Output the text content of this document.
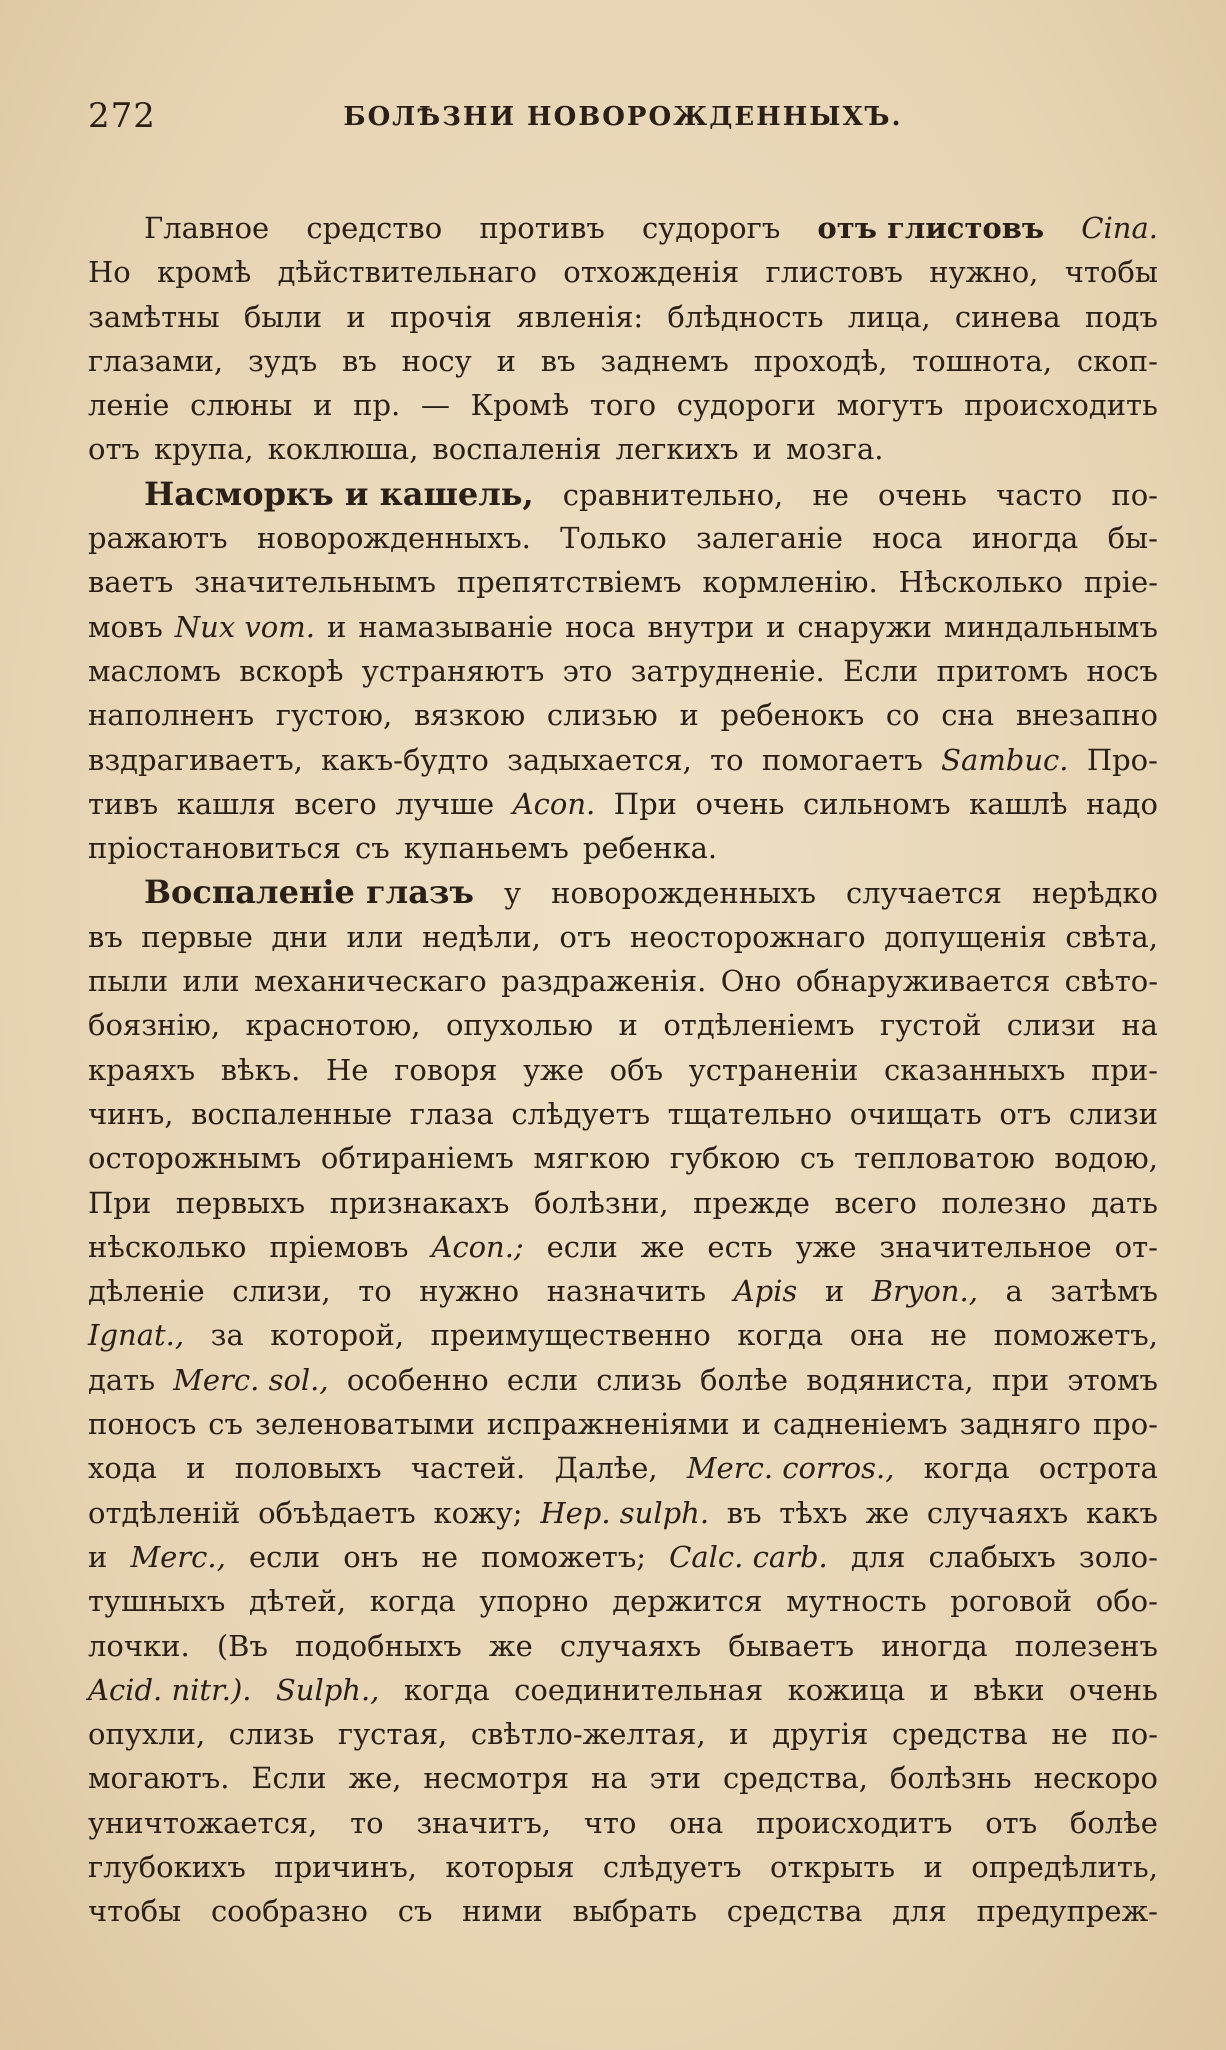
272	БОЛѢЗНИ НОВОРОЖДЕННЫХЪ.
Главное средство противъ судорогъ отъ глистовъ Cina.
Но кромѣ дѣйствительнаго отхожденія глистовъ нужно, чтобы
замѣтны были и прочія явленія: блѣдность лица, синева подъ
глазами, зудъ въ носу и въ заднемъ проходѣ, тошнота, скоп-
леніе слюны и пр. — Кромѣ того судороги могутъ происходить
отъ крупа, коклюша, воспаленія легкихъ и мозга.
Насморкъ и кашель, сравнительно, не очень часто по-
ражаютъ новорожденныхъ. Только залеганіе носа иногда бы-
ваетъ значительнымъ препятствіемъ кормленію. Нѣсколько пріе-
мовъ Nux vom. и намазываніе носа внутри и снаружи миндальнымъ
масломъ вскорѣ устраняютъ это затрудненіе. Если притомъ носъ
наполненъ густою, вязкою слизью и ребенокъ со сна внезапно
вздрагиваетъ, какъ-будто задыхается, то помогаетъ Sambuc. Про-
тивъ кашля всего лучше Acon. При очень сильномъ кашлѣ надо
пріостановиться съ купаньемъ ребенка.
Воспаленіе глазъ у новорожденныхъ случается нерѣдко
въ первые дни или недѣли, отъ неосторожнаго допущенія свѣта,
пыли или механическаго раздраженія. Оно обнаруживается свѣто-
боязнію, краснотою, опухолью и отдѣленіемъ густой слизи на
краяхъ вѣкъ. Не говоря уже объ устраненіи сказанныхъ при-
чинъ, воспаленные глаза слѣдуетъ тщательно очищать отъ слизи
осторожнымъ обтираніемъ мягкою губкою съ тепловатою водою,
При первыхъ признакахъ болѣзни, прежде всего полезно дать
нѣсколько пріемовъ Acon.; если же есть уже значительное от-
дѣленіе слизи, то нужно назначить Apis и Bryon., а затѣмъ
Ignat., за которой, преимущественно когда она не поможетъ,
дать Merc. sol., особенно если слизь болѣе водяниста, при этомъ
поносъ съ зеленоватыми испражненіями и садненіемъ задняго про-
хода и половыхъ частей. Далѣе, Merc. corros., когда острота
отдѣленій объѣдаетъ кожу; Hep. sulph. въ тѣхъ же случаяхъ какъ
и Merc., если онъ не поможетъ; Calc. carb. для слабыхъ золо-
тушныхъ дѣтей, когда упорно держится мутность роговой обо-
лочки. (Въ подобныхъ же случаяхъ бываетъ иногда полезенъ
Acid. nitr.). Sulph., когда соединительная кожица и вѣки очень
опухли, слизь густая, свѣтло-желтая, и другія средства не по-
могаютъ. Если же, несмотря на эти средства, болѣзнь нескоро
уничтожается, то значитъ, что она происходитъ отъ болѣе
глубокихъ причинъ, которыя слѣдуетъ открыть и опредѣлить,
чтобы сообразно съ ними выбрать средства для предупреж-
